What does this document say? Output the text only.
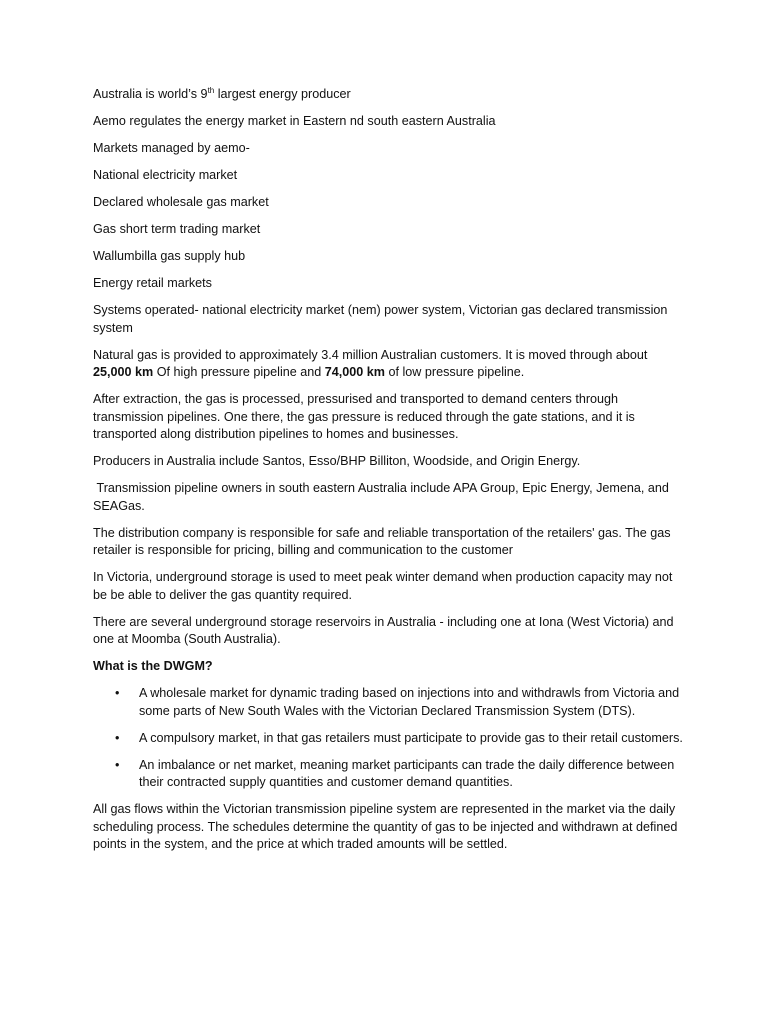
Australia is world’s 9th largest energy producer

Aemo regulates the energy market in Eastern nd south eastern Australia

Markets managed by aemo-

National electricity market

Declared wholesale gas market

Gas short term trading market

Wallumbilla gas supply hub

Energy retail markets

Systems operated- national electricity market (nem) power system, Victorian gas declared transmission system

Natural gas is provided to approximately 3.4 million Australian customers. It is moved through about 25,000 km Of high pressure pipeline and 74,000 km of low pressure pipeline.

After extraction, the gas is processed, pressurised and transported to demand centers through transmission pipelines. One there, the gas pressure is reduced through the gate stations, and it is transported along distribution pipelines to homes and businesses.

Producers in Australia include Santos, Esso/BHP Billiton, Woodside, and Origin Energy.

Transmission pipeline owners in south eastern Australia include APA Group, Epic Energy, Jemena, and SEAGas.

The distribution company is responsible for safe and reliable transportation of the retailers' gas. The gas retailer is responsible for pricing, billing and communication to the customer

In Victoria, underground storage is used to meet peak winter demand when production capacity may not be be able to deliver the gas quantity required.

There are several underground storage reservoirs in Australia - including one at Iona (West Victoria) and one at Moomba (South Australia).

What is the DWGM?

• A wholesale market for dynamic trading based on injections into and withdrawls from Victoria and some parts of New South Wales with the Victorian Declared Transmission System (DTS).
• A compulsory market, in that gas retailers must participate to provide gas to their retail customers.
• An imbalance or net market, meaning market participants can trade the daily difference between their contracted supply quantities and customer demand quantities.

All gas flows within the Victorian transmission pipeline system are represented in the market via the daily scheduling process. The schedules determine the quantity of gas to be injected and withdrawn at defined points in the system, and the price at which traded amounts will be settled.
